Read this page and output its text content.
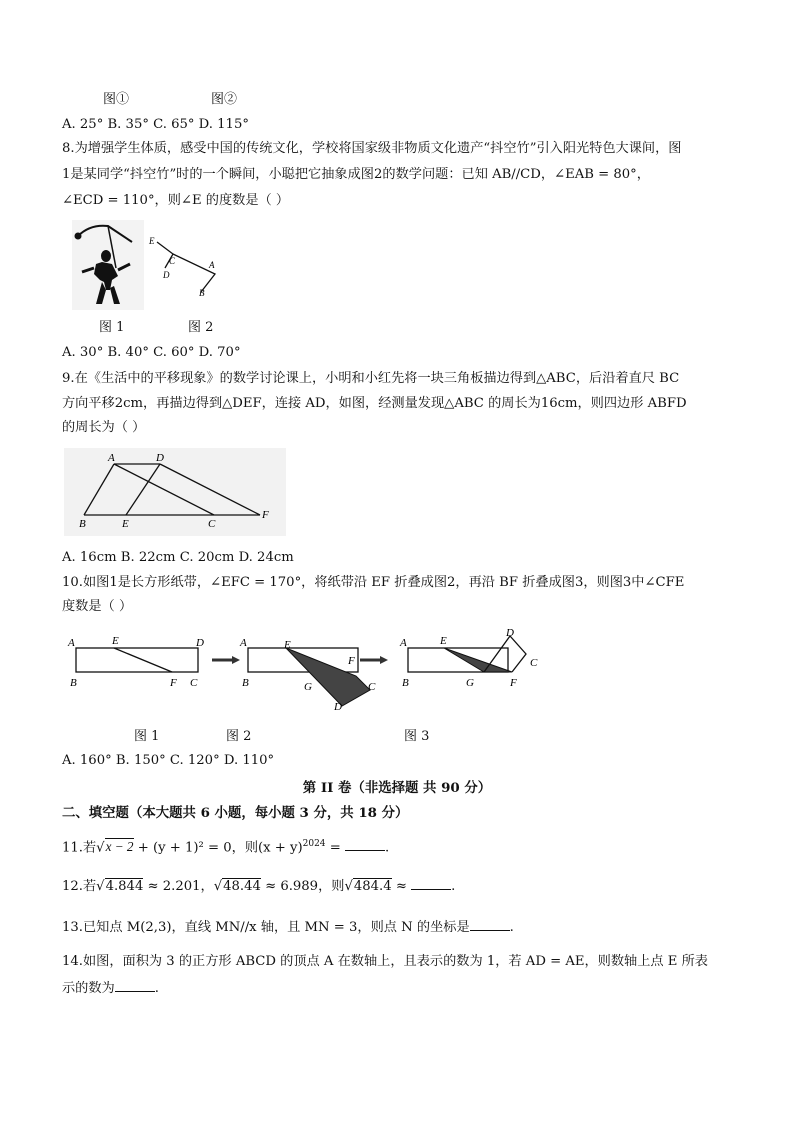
图①	图②
A. 25° B. 35° C. 65° D. 115°
8.为增强学生体质，感受中国的传统文化，学校将国家级非物质文化遗产“抖空竹”引入阳光特色大课间，图
1是某同学“抖空竹”时的一个瞬间，小聪把它抽象成图2的数学问题：已知 AB//CD，∠EAB = 80°，
∠ECD = 110°，则∠E 的度数是（ ）
E
C
D
A
B
图 1	图 2
A. 30° B. 40° C. 60° D. 70°
9.在《生活中的平移现象》的数学讨论课上，小明和小红先将一块三角板描边得到△ABC，后沿着直尺 BC
方向平移2cm，再描边得到△DEF，连接 AD，如图，经测量发现△ABC 的周长为16cm，则四边形 ABFD
的周长为（ ）
A	D
B	E	C
F
A. 16cm B. 22cm C. 20cm D. 24cm
10.如图1是长方形纸带，∠EFC = 170°，将纸带沿 EF 折叠成图2，再沿 BF 折叠成图3，则图3中∠CFE
度数是（ ）
A	E	D
B	F C
A	E
F
B	G	C
D
A	E
D
C
B	G	F
图 1	图 2	图 3
A. 160° B. 150° C. 120° D. 110°
第 II 卷（非选择题 共 90 分）
二、填空题（本大题共 6 小题，每小题 3 分，共 18 分）
11.若√x − 2 + (y + 1)² = 0，则$(x + y)^{2024}$ =	.
12.若√4.844 ≈ 2.201，√48.44 ≈ 6.989，则√484.4 ≈	.
13.已知点 M(2,3)，直线 MN//x 轴，且 MN = 3，则点 N 的坐标是	.
14.如图，面积为 3 的正方形 ABCD 的顶点 A 在数轴上，且表示的数为 1，若 AD = AE，则数轴上点 E 所表
示的数为	.
